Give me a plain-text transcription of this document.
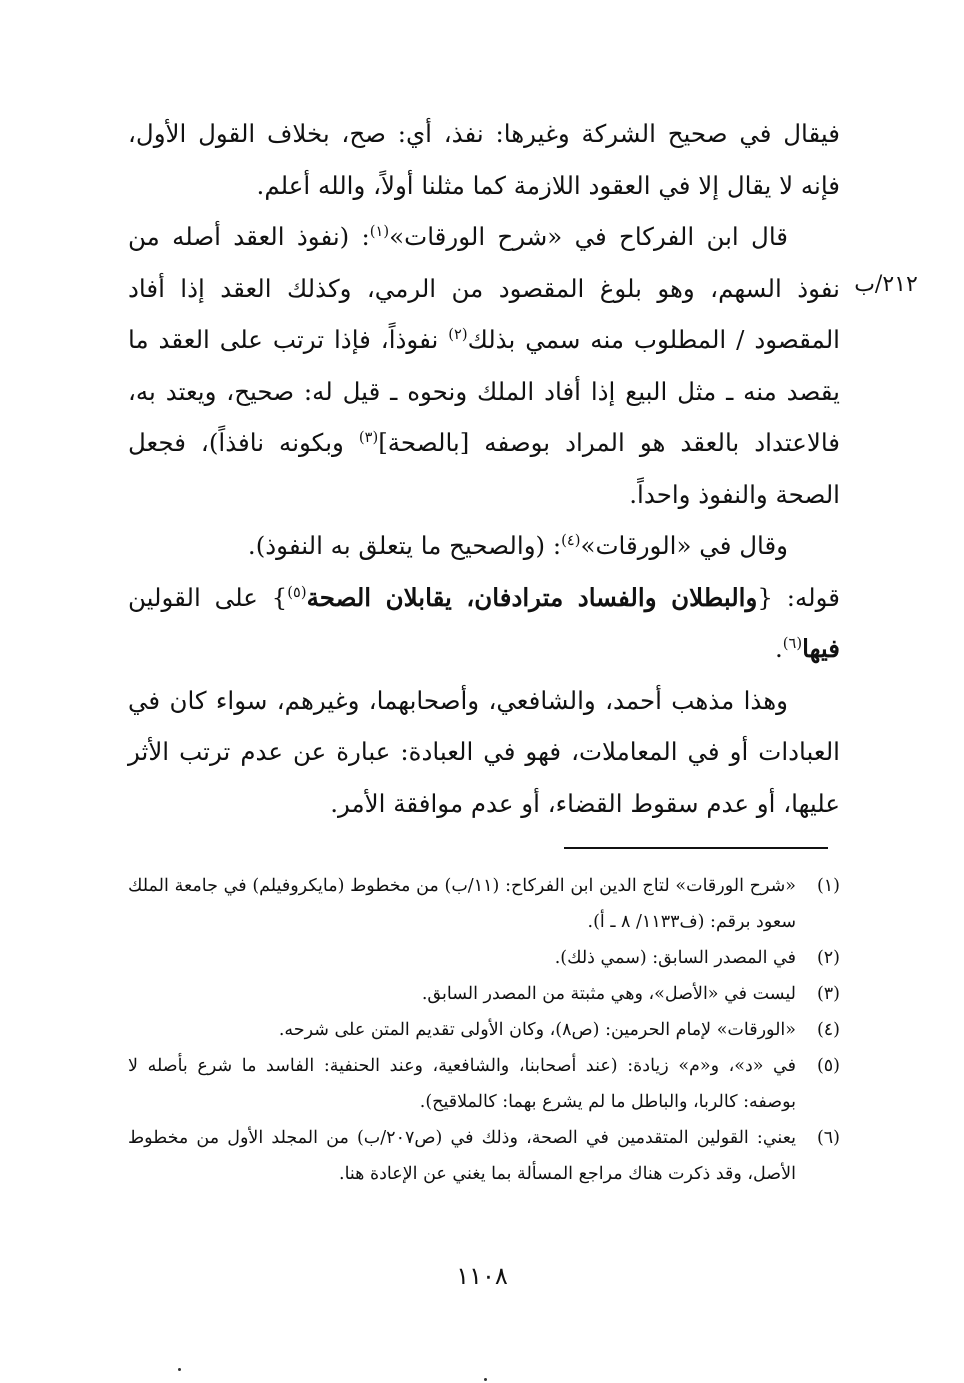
٢١٢/ب

فيقال في صحيح الشركة وغيرها: نفذ، أي: صح، بخلاف القول الأول، فإنه لا يقال إلا في العقود اللازمة كما مثلنا أولاً، والله أعلم.

قال ابن الفركاح في «شرح الورقات»$^{(١)}$: (نفوذ العقد أصله من نفوذ السهم، وهو بلوغ المقصود من الرمي، وكذلك العقد إذا أفاد المقصود / المطلوب منه سمي بذلك$^{(٢)}$ نفوذاً، فإذا ترتب على العقد ما يقصد منه ـ مثل البيع إذا أفاد الملك ونحوه ـ قيل له: صحيح، ويعتد به، فالاعتداد بالعقد هو المراد بوصفه [بالصحة]$^{(٣)}$ وبكونه نافذاً)، فجعل الصحة والنفوذ واحداً.

وقال في «الورقات»$^{(٤)}$: (والصحيح ما يتعلق به النفوذ).

قوله: {والبطلان والفساد مترادفان، يقابلان الصحة$^{(٥)}$} على القولين فيها$^{(٦)}$.

وهذا مذهب أحمد، والشافعي، وأصحابهما، وغيرهم، سواء كان في العبادات أو في المعاملات، فهو في العبادة: عبارة عن عدم ترتب الأثر عليها، أو عدم سقوط القضاء، أو عدم موافقة الأمر.

(١)
«شرح الورقات» لتاج الدين ابن الفركاح: (١١/ب) من مخطوط (مايكروفيلم) في جامعة الملك سعود برقم: (ف١١٣٣/ ٨ ـ أ).
(٢)
في المصدر السابق: (سمي ذلك).
(٣)
ليست في «الأصل»، وهي مثبتة من المصدر السابق.
(٤)
«الورقات» لإمام الحرمين: (ص٨)، وكان الأولى تقديم المتن على شرحه.
(٥)
في «د»، و«م» زيادة: (عند أصحابنا، والشافعية، وعند الحنفية: الفاسد ما شرع بأصله لا بوصفه: كالربا، والباطل ما لم يشرع بهما: كالملاقيح).
(٦)
يعني: القولين المتقدمين في الصحة، وذلك في (ص٢٠٧/ب) من المجلد الأول من مخطوط الأصل، وقد ذكرت هناك مراجع المسألة بما يغني عن الإعادة هنا.
١١٠٨
